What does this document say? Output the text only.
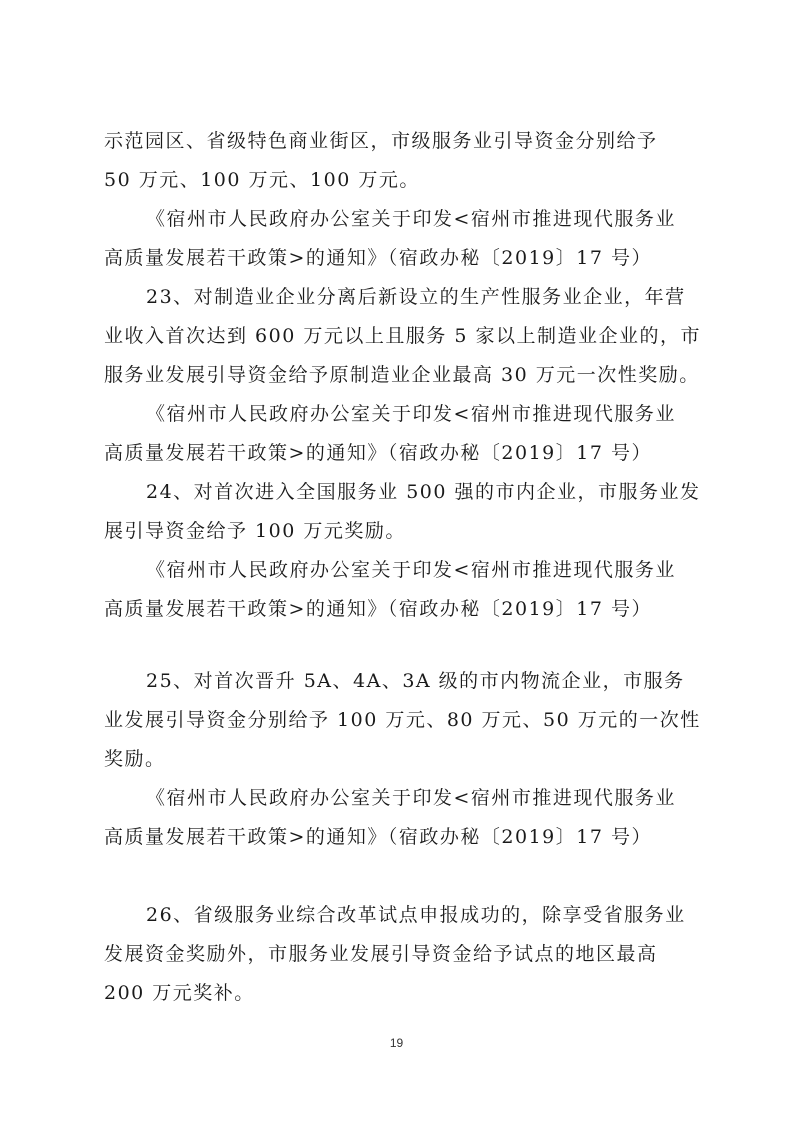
示范园区、省级特色商业街区，市级服务业引导资金分别给予
50 万元、100 万元、100 万元。
《宿州市人民政府办公室关于印发<宿州市推进现代服务业
高质量发展若干政策>的通知》（宿政办秘〔2019〕17 号）
23、对制造业企业分离后新设立的生产性服务业企业，年营
业收入首次达到 600 万元以上且服务 5 家以上制造业企业的，市
服务业发展引导资金给予原制造业企业最高 30 万元一次性奖励。
《宿州市人民政府办公室关于印发<宿州市推进现代服务业
高质量发展若干政策>的通知》（宿政办秘〔2019〕17 号）
24、对首次进入全国服务业 500 强的市内企业，市服务业发
展引导资金给予 100 万元奖励。
《宿州市人民政府办公室关于印发<宿州市推进现代服务业
高质量发展若干政策>的通知》（宿政办秘〔2019〕17 号）
25、对首次晋升 5A、4A、3A 级的市内物流企业，市服务
业发展引导资金分别给予 100 万元、80 万元、50 万元的一次性
奖励。
《宿州市人民政府办公室关于印发<宿州市推进现代服务业
高质量发展若干政策>的通知》（宿政办秘〔2019〕17 号）
26、省级服务业综合改革试点申报成功的，除享受省服务业
发展资金奖励外，市服务业发展引导资金给予试点的地区最高
200 万元奖补。
19
